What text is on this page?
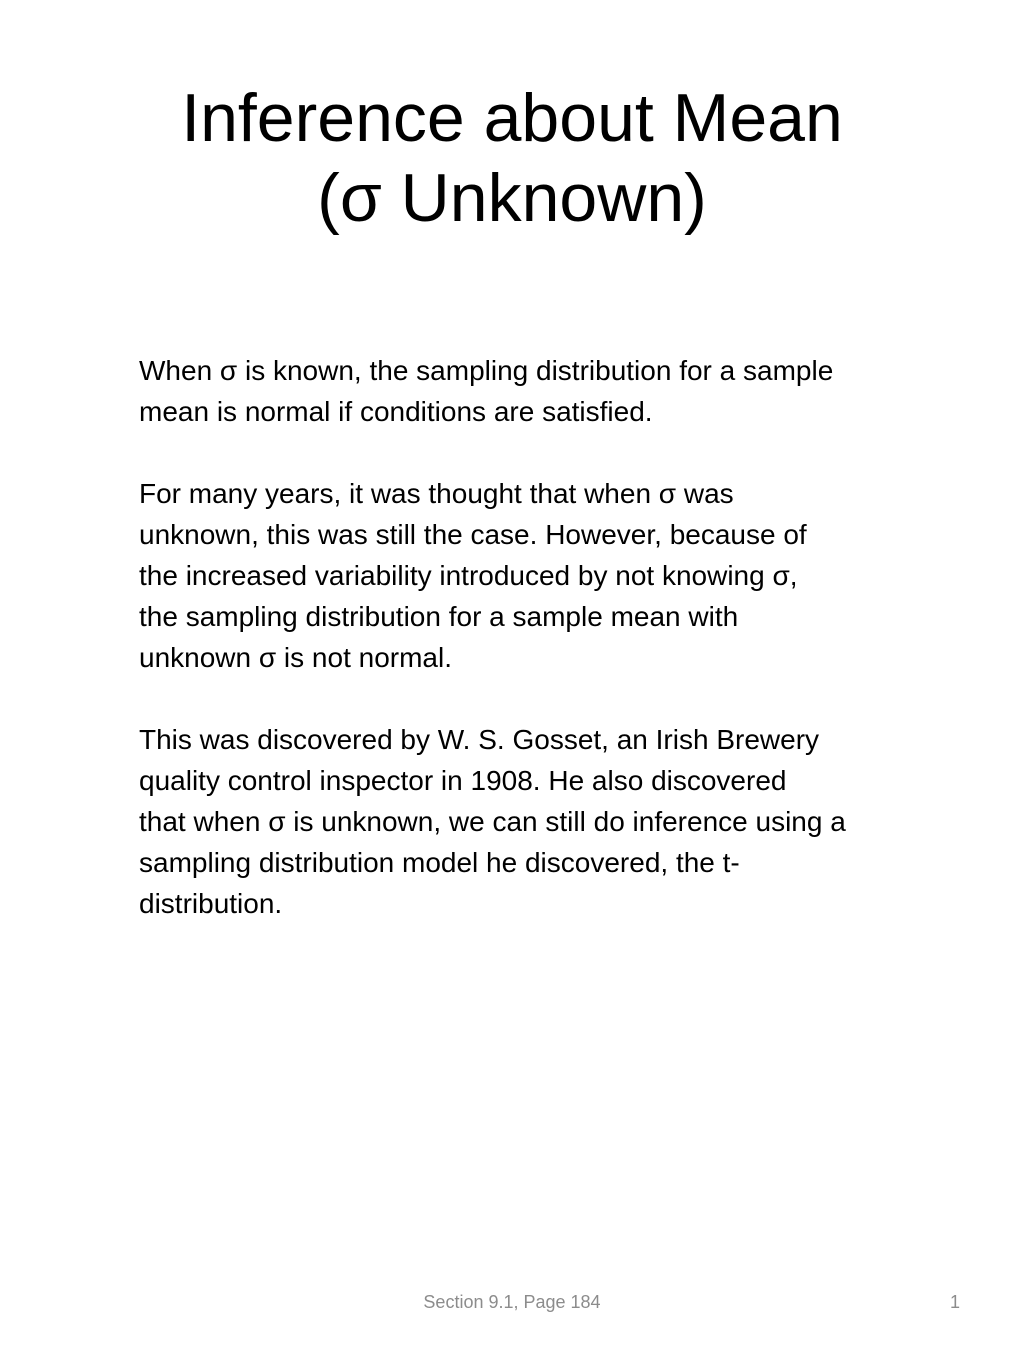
Inference about Mean
(σ Unknown)

When σ is known, the sampling distribution for a sample
mean is normal if conditions are satisfied.

For many years, it was thought that when σ was
unknown, this was still the case. However, because of
the increased variability introduced by not knowing σ,
the sampling distribution for a sample mean with
unknown σ is not normal.

This was discovered by W. S. Gosset, an Irish Brewery
quality control inspector in 1908. He also discovered
that when σ is unknown, we can still do inference using a
sampling distribution model he discovered, the t-
distribution.

Section 9.1, Page 184	1
